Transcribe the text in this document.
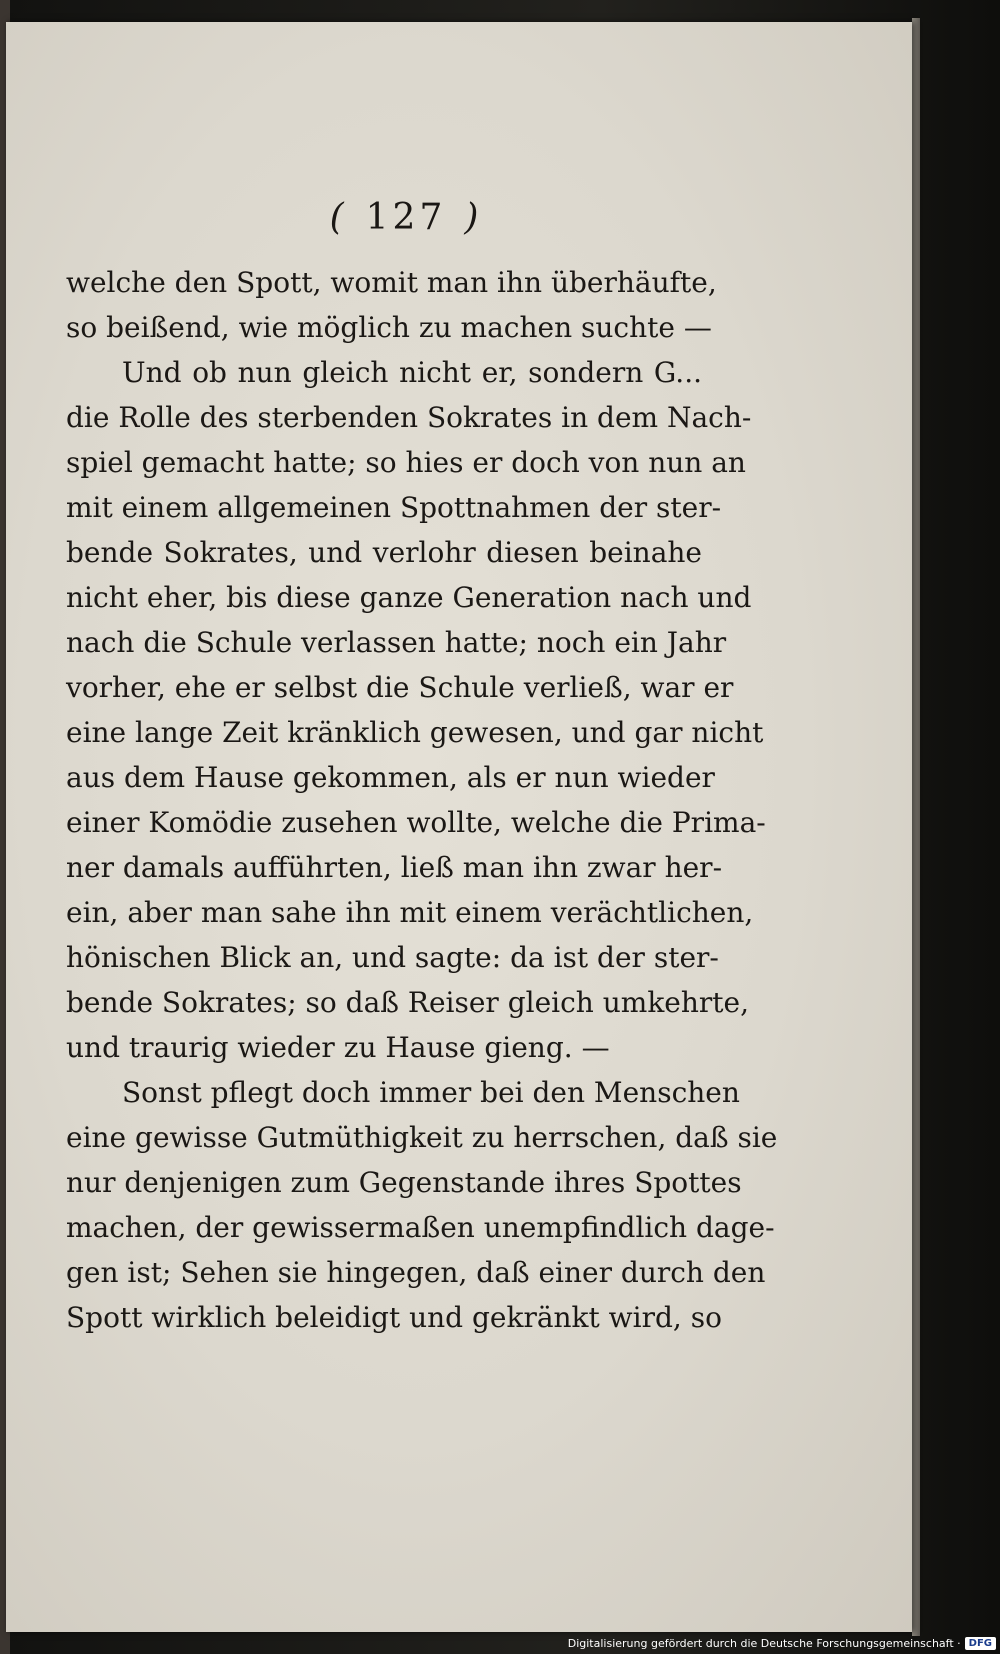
( 127 )
welche den Spott, womit man ihn überhäufte,
so beißend, wie möglich zu machen suchte —
Und ob nun gleich nicht er, sondern G...
die Rolle des sterbenden Sokrates in dem Nach-
spiel gemacht hatte; so hies er doch von nun an
mit einem allgemeinen Spottnahmen der ster-
bende Sokrates, und verlohr diesen beinahe
nicht eher, bis diese ganze Generation nach und
nach die Schule verlassen hatte; noch ein Jahr
vorher, ehe er selbst die Schule verließ, war er
eine lange Zeit kränklich gewesen, und gar nicht
aus dem Hause gekommen, als er nun wieder
einer Komödie zusehen wollte, welche die Prima-
ner damals aufführten, ließ man ihn zwar her-
ein, aber man sahe ihn mit einem verächtlichen,
hönischen Blick an, und sagte: da ist der ster-
bende Sokrates; so daß Reiser gleich umkehrte,
und traurig wieder zu Hause gieng. —
Sonst pflegt doch immer bei den Menschen
eine gewisse Gutmüthigkeit zu herrschen, daß sie
nur denjenigen zum Gegenstande ihres Spottes
machen, der gewissermaßen unempfindlich dage-
gen ist; Sehen sie hingegen, daß einer durch den
Spott wirklich beleidigt und gekränkt wird, so
Digitalisierung gefördert durch die Deutsche Forschungsgemeinschaft · DFG
